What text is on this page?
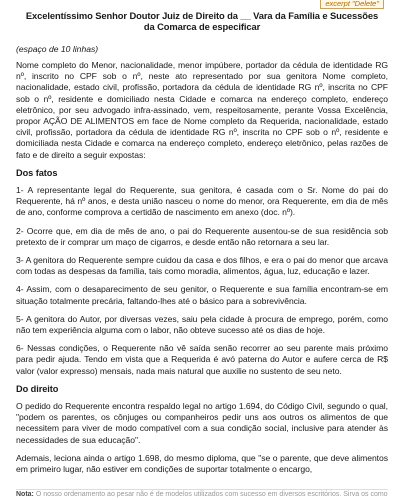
excerpt "Delete"
Excelentíssimo Senhor Doutor Juiz de Direito da __ Vara da Família e Sucessões
da Comarca de especificar
(espaço de 10 linhas)

Nome completo do Menor, nacionalidade, menor impúbere, portador da cédula de identidade RG nº, inscrito no CPF sob o nº, neste ato representado por sua genitora Nome completo, nacionalidade, estado civil, profissão, portadora da cédula de identidade RG nº, inscrita no CPF sob o nº, residente e domiciliado nesta Cidade e comarca na endereço completo, endereço eletrônico, por seu advogado infra-assinado, vem, respeitosamente, perante Vossa Excelência, propor AÇÃO DE ALIMENTOS em face de Nome completo da Requerida, nacionalidade, estado civil, profissão, portadora da cédula de identidade RG nº, inscrita no CPF sob o nº, residente e domiciliada nesta Cidade e comarca na endereço completo, endereço eletrônico, pelas razões de fato e de direito a seguir expostas:

Dos fatos

1- A representante legal do Requerente, sua genitora, é casada com o Sr. Nome do pai do Requerente, há nº anos, e desta união nasceu o nome do menor, ora Requerente, em dia de mês de ano, conforme comprova a certidão de nascimento em anexo (doc. nº).

2- Ocorre que, em dia de mês de ano, o pai do Requerente ausentou-se de sua residência sob pretexto de ir comprar um maço de cigarros, e desde então não retornara a seu lar.

3- A genitora do Requerente sempre cuidou da casa e dos filhos, e era o pai do menor que arcava com todas as despesas da família, tais como moradia, alimentos, água, luz, educação e lazer.

4- Assim, com o desaparecimento de seu genitor, o Requerente e sua família encontram-se em situação totalmente precária, faltando-lhes até o básico para a sobrevivência.

5- A genitora do Autor, por diversas vezes, saiu pela cidade à procura de emprego, porém, como não tem experiência alguma com o labor, não obteve sucesso até os dias de hoje.

6- Nessas condições, o Requerente não vê saída senão recorrer ao seu parente mais próximo para pedir ajuda. Tendo em vista que a Requerida é avó paterna do Autor e aufere cerca de R$ valor (valor expresso) mensais, nada mais natural que auxilie no sustento de seu neto.

Do direito

O pedido do Requerente encontra respaldo legal no artigo 1.694, do Código Civil, segundo o qual, "podem os parentes, os cônjuges ou companheiros pedir uns aos outros os alimentos de que necessitem para viver de modo compatível com a sua condição social, inclusive para atender às necessidades de sua educação".

Ademais, leciona ainda o artigo 1.698, do mesmo diploma, que "se o parente, que deve alimentos em primeiro lugar, não estiver em condições de suportar totalmente o encargo,

Nota: O nosso ordenamento ao pesar não é de modelos utilizados com sucesso em diversos escritórios. Sirva os como
